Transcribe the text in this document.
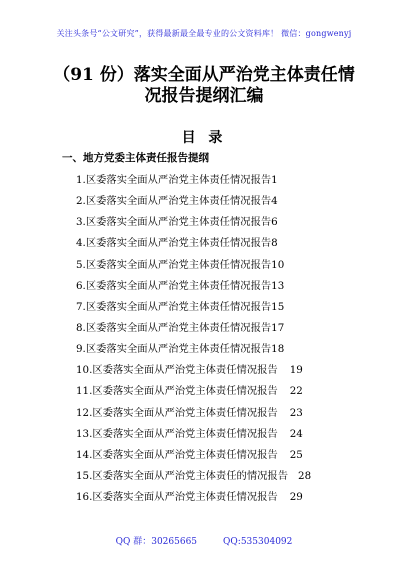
关注头条号“公文研究”，获得最新最全最专业的公文资料库！ 微信：gongwenyj
（91 份）落实全面从严治党主体责任情
况报告提纲汇编
目 录
一、地方党委主体责任报告提纲
1.区委落实全面从严治党主体责任情况报告 1
2.区委落实全面从严治党主体责任情况报告 4
3.区委落实全面从严治党主体责任情况报告 6
4.区委落实全面从严治党主体责任情况报告 8
5.区委落实全面从严治党主体责任情况报告 10
6.区委落实全面从严治党主体责任情况报告 13
7.区委落实全面从严治党主体责任情况报告 15
8.区委落实全面从严治党主体责任情况报告 17
9.区委落实全面从严治党主体责任情况报告 18
10.区委落实全面从严治党主体责任情况报告 19
11.区委落实全面从严治党主体责任情况报告 22
12.区委落实全面从严治党主体责任情况报告 23
13.区委落实全面从严治党主体责任情况报告 24
14.区委落实全面从严治党主体责任情况报告 25
15.区委落实全面从严治党主体责任的情况报告 28
16.区委落实全面从严治党主体责任情况报告 29
QQ 群：30265665	QQ:535304092
